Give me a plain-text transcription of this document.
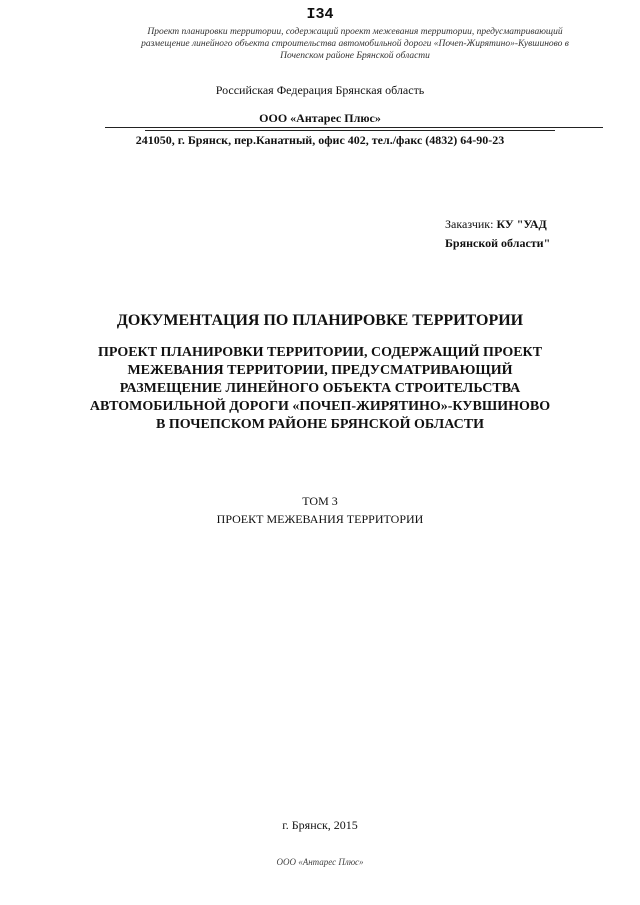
I34
Проект планировки территории, содержащий проект межевания территории, предусматривающий
размещение линейного объекта строительства автомобильной дороги «Почеп-Жирятино»-Кувшиново в
Почепском районе Брянской области
Российская Федерация Брянская область
ООО «Антарес Плюс»
241050, г. Брянск, пер.Канатный, офис 402, тел./факс (4832) 64-90-23
Заказчик: КУ "УАД
Брянской области"
ДОКУМЕНТАЦИЯ ПО ПЛАНИРОВКЕ ТЕРРИТОРИИ
ПРОЕКТ ПЛАНИРОВКИ ТЕРРИТОРИИ, СОДЕРЖАЩИЙ ПРОЕКТ
МЕЖЕВАНИЯ ТЕРРИТОРИИ, ПРЕДУСМАТРИВАЮЩИЙ
РАЗМЕЩЕНИЕ ЛИНЕЙНОГО ОБЪЕКТА СТРОИТЕЛЬСТВА
АВТОМОБИЛЬНОЙ ДОРОГИ «ПОЧЕП-ЖИРЯТИНО»-КУВШИНОВО
В ПОЧЕПСКОМ РАЙОНЕ БРЯНСКОЙ ОБЛАСТИ
ТОМ 3
ПРОЕКТ МЕЖЕВАНИЯ ТЕРРИТОРИИ
г. Брянск, 2015
ООО «Антарес Плюс»
